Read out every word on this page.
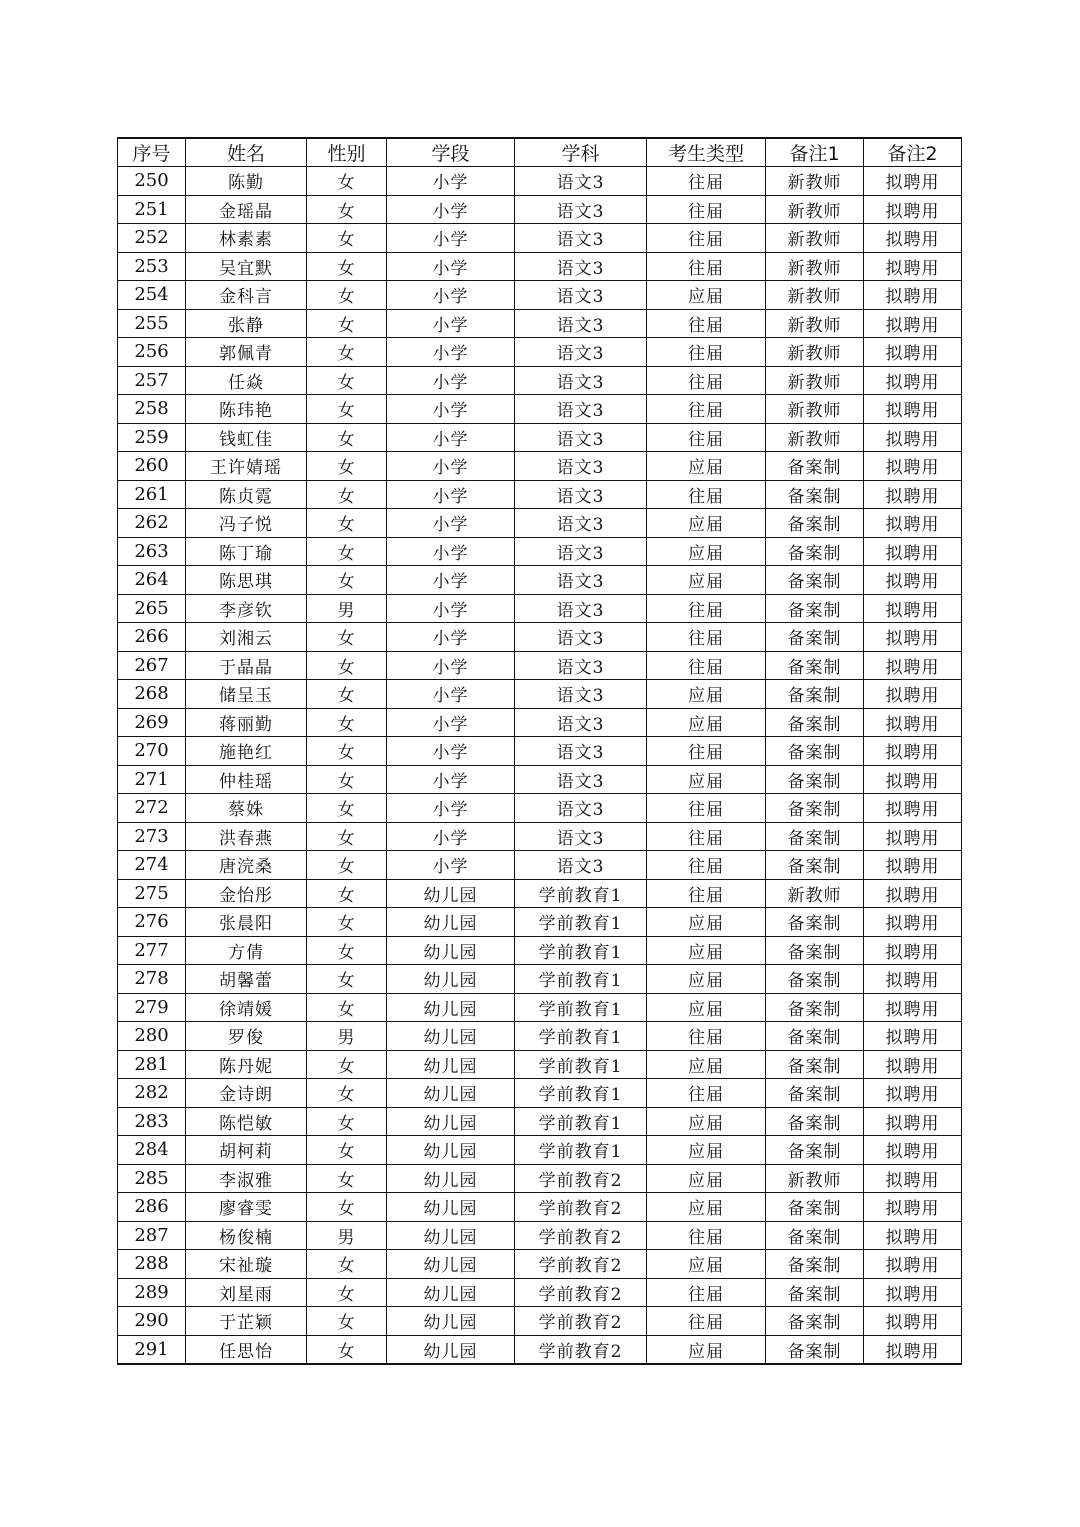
序号	姓名	性别	学段	学科	考生类型	备注1	备注2
250	陈勤	女	小学	语文3	往届	新教师	拟聘用
251	金瑶晶	女	小学	语文3	往届	新教师	拟聘用
252	林素素	女	小学	语文3	往届	新教师	拟聘用
253	吴宜默	女	小学	语文3	往届	新教师	拟聘用
254	金科言	女	小学	语文3	应届	新教师	拟聘用
255	张静	女	小学	语文3	往届	新教师	拟聘用
256	郭佩青	女	小学	语文3	往届	新教师	拟聘用
257	任焱	女	小学	语文3	往届	新教师	拟聘用
258	陈玮艳	女	小学	语文3	往届	新教师	拟聘用
259	钱虹佳	女	小学	语文3	往届	新教师	拟聘用
260	王许婧瑶	女	小学	语文3	应届	备案制	拟聘用
261	陈贞霓	女	小学	语文3	往届	备案制	拟聘用
262	冯子悦	女	小学	语文3	应届	备案制	拟聘用
263	陈丁瑜	女	小学	语文3	应届	备案制	拟聘用
264	陈思琪	女	小学	语文3	应届	备案制	拟聘用
265	李彦钦	男	小学	语文3	往届	备案制	拟聘用
266	刘湘云	女	小学	语文3	往届	备案制	拟聘用
267	于晶晶	女	小学	语文3	往届	备案制	拟聘用
268	储呈玉	女	小学	语文3	应届	备案制	拟聘用
269	蒋丽勤	女	小学	语文3	应届	备案制	拟聘用
270	施艳红	女	小学	语文3	往届	备案制	拟聘用
271	仲桂瑶	女	小学	语文3	应届	备案制	拟聘用
272	蔡姝	女	小学	语文3	往届	备案制	拟聘用
273	洪春燕	女	小学	语文3	往届	备案制	拟聘用
274	唐浣桑	女	小学	语文3	往届	备案制	拟聘用
275	金怡彤	女	幼儿园	学前教育1	往届	新教师	拟聘用
276	张晨阳	女	幼儿园	学前教育1	应届	备案制	拟聘用
277	方倩	女	幼儿园	学前教育1	应届	备案制	拟聘用
278	胡馨蕾	女	幼儿园	学前教育1	应届	备案制	拟聘用
279	徐靖媛	女	幼儿园	学前教育1	应届	备案制	拟聘用
280	罗俊	男	幼儿园	学前教育1	往届	备案制	拟聘用
281	陈丹妮	女	幼儿园	学前教育1	应届	备案制	拟聘用
282	金诗朗	女	幼儿园	学前教育1	往届	备案制	拟聘用
283	陈恺敏	女	幼儿园	学前教育1	应届	备案制	拟聘用
284	胡柯莉	女	幼儿园	学前教育1	应届	备案制	拟聘用
285	李淑雅	女	幼儿园	学前教育2	应届	新教师	拟聘用
286	廖睿雯	女	幼儿园	学前教育2	应届	备案制	拟聘用
287	杨俊楠	男	幼儿园	学前教育2	往届	备案制	拟聘用
288	宋祉璇	女	幼儿园	学前教育2	应届	备案制	拟聘用
289	刘星雨	女	幼儿园	学前教育2	往届	备案制	拟聘用
290	于芷颖	女	幼儿园	学前教育2	往届	备案制	拟聘用
291	任思怡	女	幼儿园	学前教育2	应届	备案制	拟聘用
